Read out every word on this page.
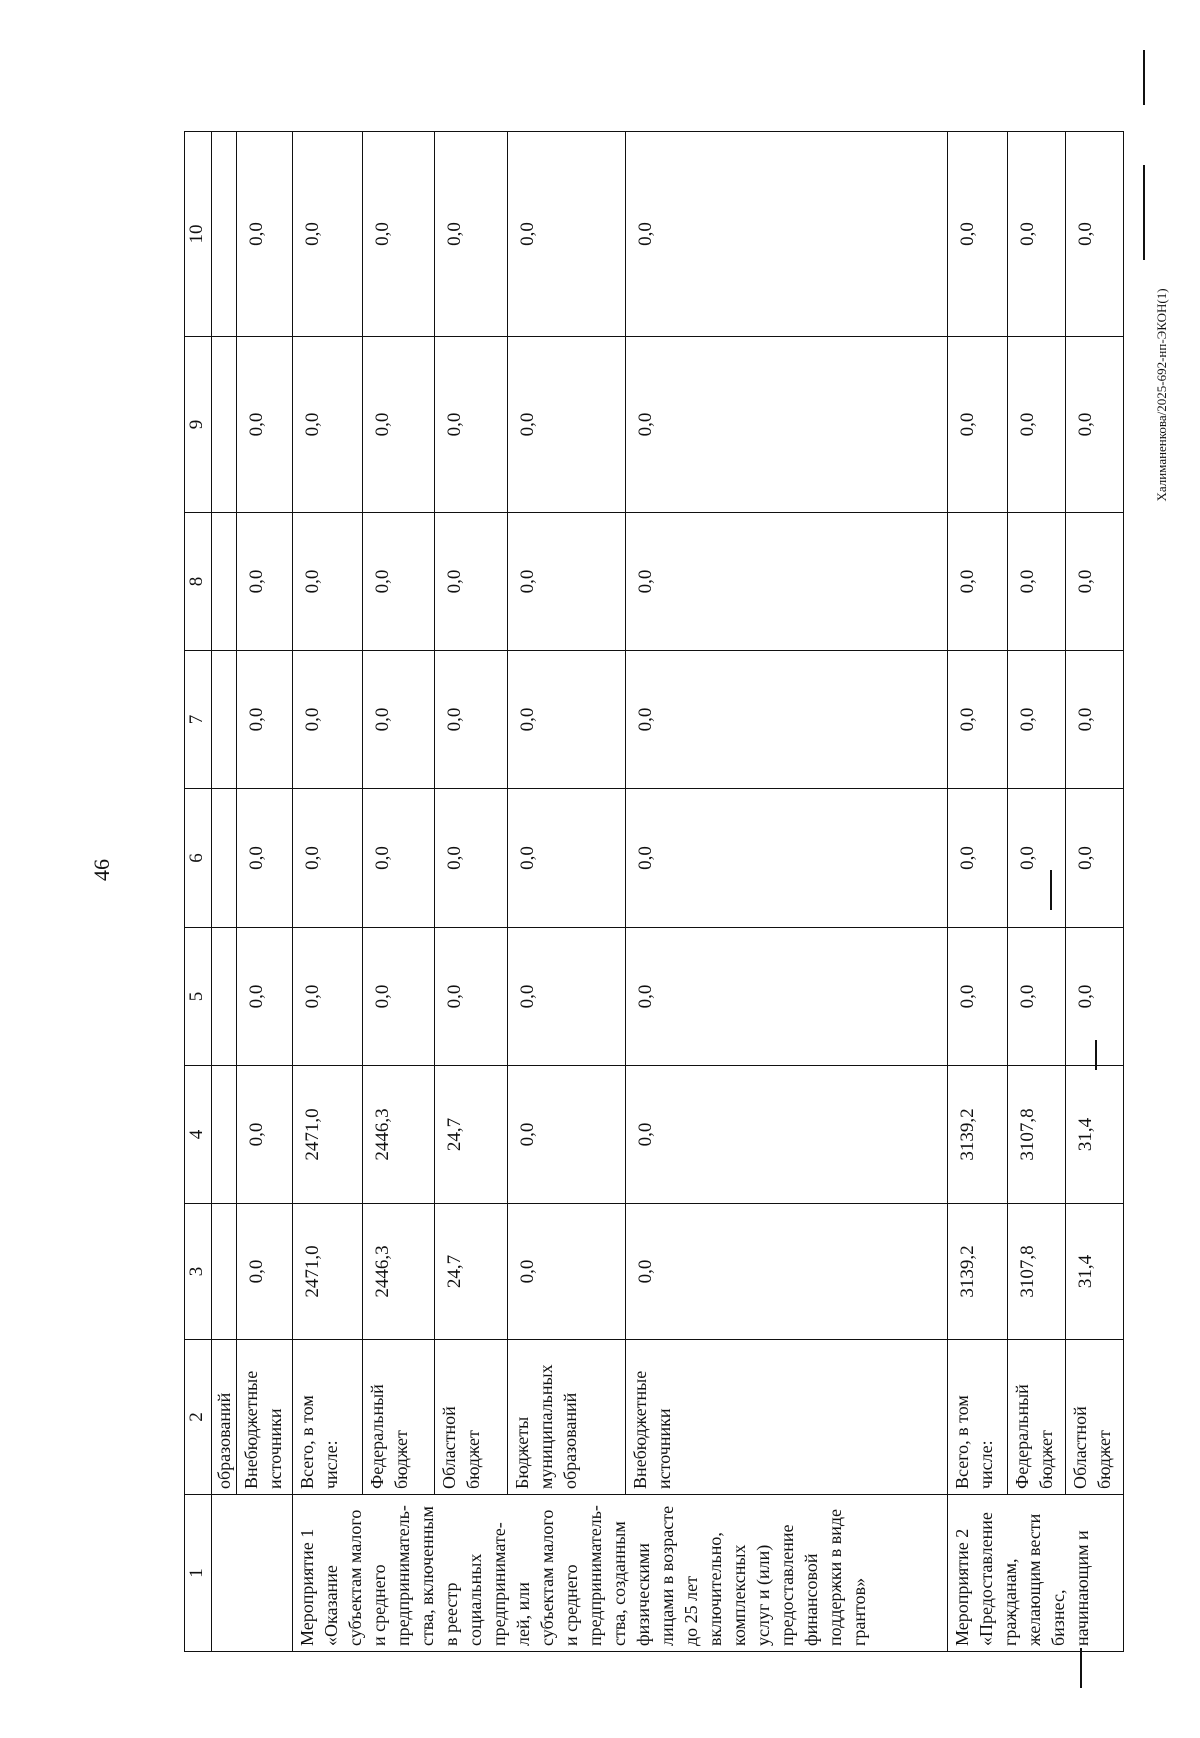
46
Халиманенкова/2025-692-нп-ЭКОН(1)
1	2	3	4	5	6	7	8	9	10
	образований								
	Внебюджетные источники	0,0	0,0	0,0	0,0	0,0	0,0	0,0	0,0
Мероприятие 1 «Оказание субъектам малого и среднего предприниматель-ства, включенным в реестр социальных предпринимате-лей, или субъектам малого и среднего предприниматель-ства, созданным физическими лицами в возрасте до 25 лет включительно, комплексных услуг и (или) предоставление финансовой поддержки в виде грантов»	Всего, в том числе:	2471,0	2471,0	0,0	0,0	0,0	0,0	0,0	0,0
	Федеральный бюджет	2446,3	2446,3	0,0	0,0	0,0	0,0	0,0	0,0
	Областной бюджет	24,7	24,7	0,0	0,0	0,0	0,0	0,0	0,0
	Бюджеты муниципальных образований	0,0	0,0	0,0	0,0	0,0	0,0	0,0	0,0
	Внебюджетные источники	0,0	0,0	0,0	0,0	0,0	0,0	0,0	0,0
Мероприятие 2 «Предоставление гражданам, желающим вести бизнес, начинающим и	Всего, в том числе:	3139,2	3139,2	0,0	0,0	0,0	0,0	0,0	0,0
	Федеральный бюджет	3107,8	3107,8	0,0	0,0	0,0	0,0	0,0	0,0
	Областной бюджет	31,4	31,4	0,0	0,0	0,0	0,0	0,0	0,0
